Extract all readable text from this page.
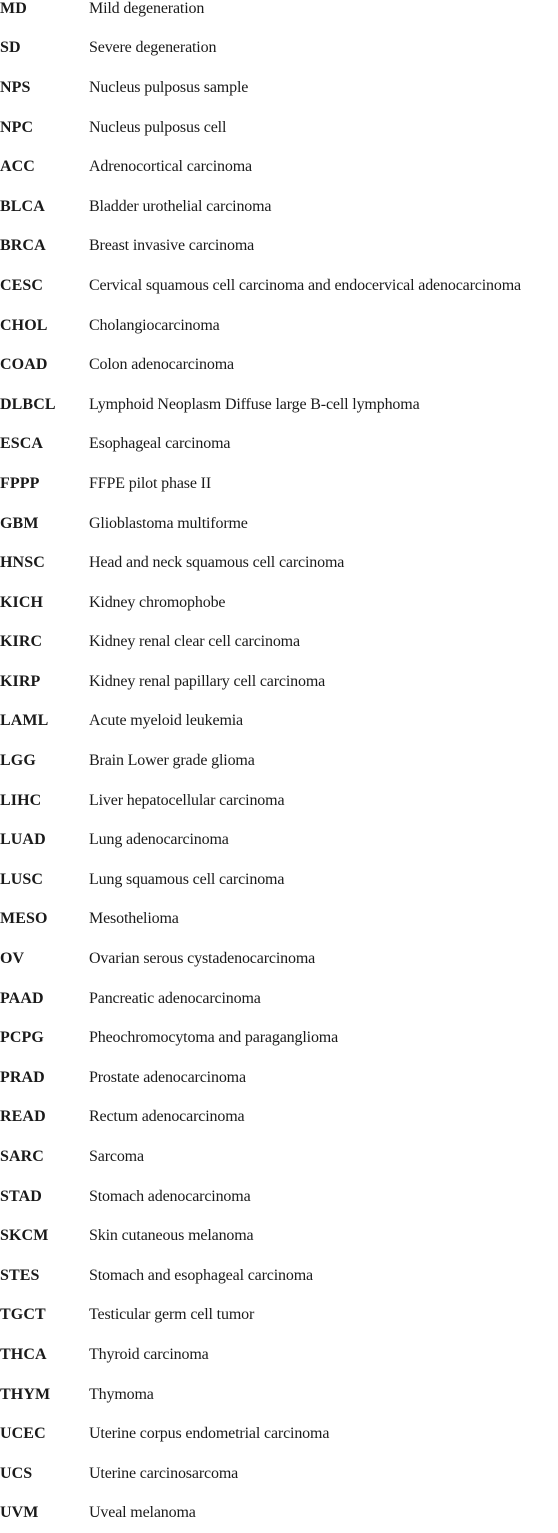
MD	Mild degeneration
SD	Severe degeneration
NPS	Nucleus pulposus sample
NPC	Nucleus pulposus cell
ACC	Adrenocortical carcinoma
BLCA	Bladder urothelial carcinoma
BRCA	Breast invasive carcinoma
CESC	Cervical squamous cell carcinoma and endocervical adenocarcinoma
CHOL	Cholangiocarcinoma
COAD	Colon adenocarcinoma
DLBCL	Lymphoid Neoplasm Diffuse large B-cell lymphoma
ESCA	Esophageal carcinoma
FPPP	FFPE pilot phase II
GBM	Glioblastoma multiforme
HNSC	Head and neck squamous cell carcinoma
KICH	Kidney chromophobe
KIRC	Kidney renal clear cell carcinoma
KIRP	Kidney renal papillary cell carcinoma
LAML	Acute myeloid leukemia
LGG	Brain Lower grade glioma
LIHC	Liver hepatocellular carcinoma
LUAD	Lung adenocarcinoma
LUSC	Lung squamous cell carcinoma
MESO	Mesothelioma
OV	Ovarian serous cystadenocarcinoma
PAAD	Pancreatic adenocarcinoma
PCPG	Pheochromocytoma and paraganglioma
PRAD	Prostate adenocarcinoma
READ	Rectum adenocarcinoma
SARC	Sarcoma
STAD	Stomach adenocarcinoma
SKCM	Skin cutaneous melanoma
STES	Stomach and esophageal carcinoma
TGCT	Testicular germ cell tumor
THCA	Thyroid carcinoma
THYM	Thymoma
UCEC	Uterine corpus endometrial carcinoma
UCS	Uterine carcinosarcoma
UVM	Uveal melanoma
